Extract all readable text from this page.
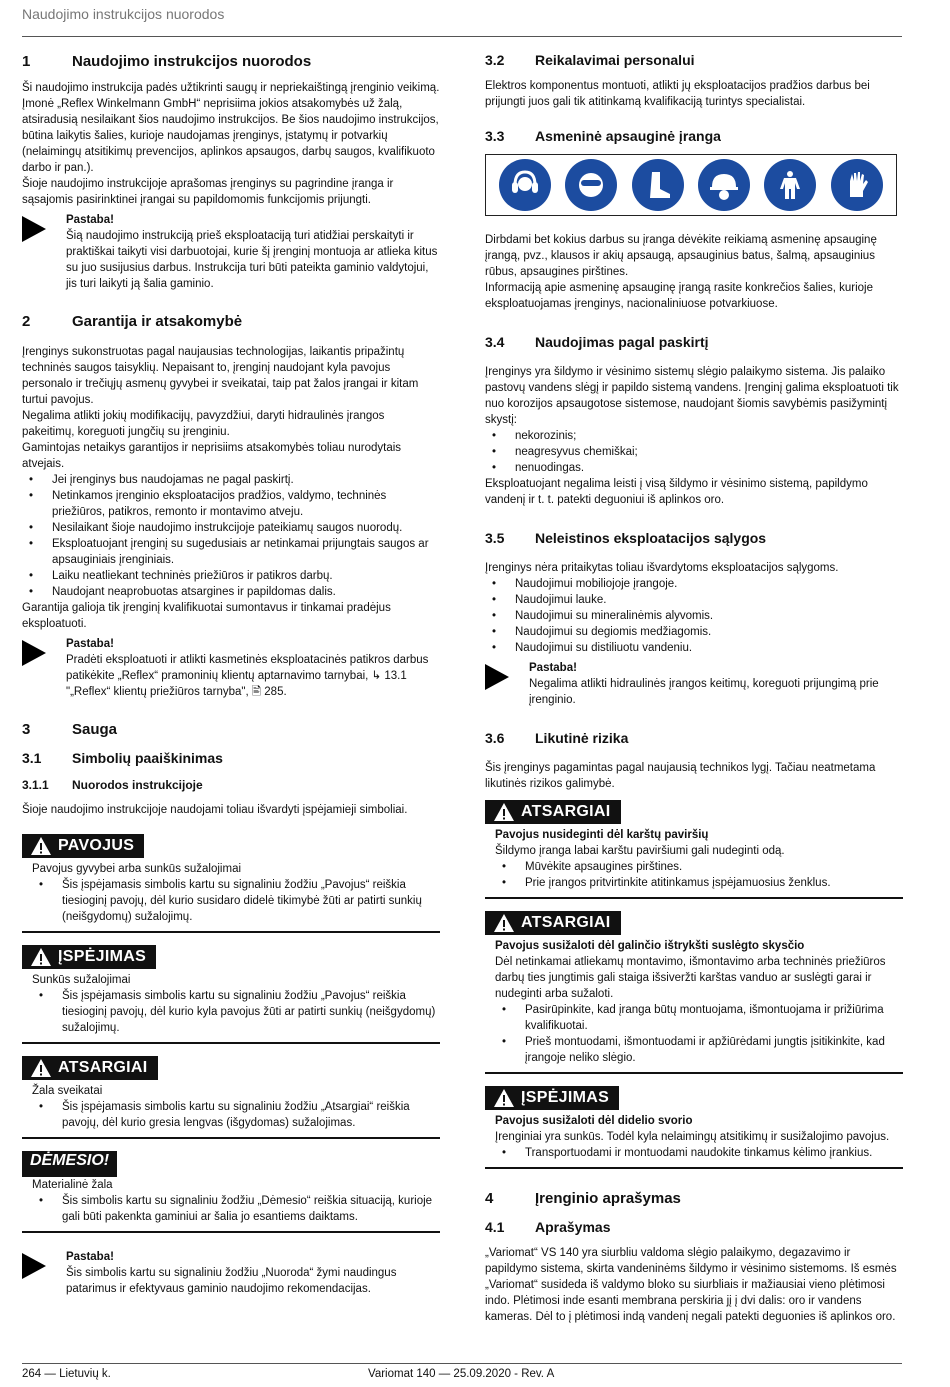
Naudojimo instrukcijos nuorodos
1	Naudojimo instrukcijos nuorodos

Ši naudojimo instrukcija padės užtikrinti saugų ir nepriekaištingą įrenginio veikimą.

Įmonė „Reflex Winkelmann GmbH“ neprisiima jokios atsakomybės už žalą, atsiradusią nesilaikant šios naudojimo instrukcijos. Be šios naudojimo instrukcijos, būtina laikytis šalies, kurioje naudojamas įrenginys, įstatymų ir potvarkių (nelaimingų atsitikimų prevencijos, aplinkos apsaugos, darbų saugos, kvalifikuoto darbo ir pan.).

Šioje naudojimo instrukcijoje aprašomas įrenginys su pagrindine įranga ir sąsajomis pasirinktinei įrangai su papildomomis funkcijomis prijungti.

Pastaba!

Šią naudojimo instrukciją prieš eksploataciją turi atidžiai perskaityti ir praktiškai taikyti visi darbuotojai, kurie šį įrenginį montuoja ar atlieka kitus su juo susijusius darbus. Instrukcija turi būti pateikta gaminio valdytojui, jis turi laikyti ją šalia gaminio.

2	Garantija ir atsakomybė

Įrenginys sukonstruotas pagal naujausias technologijas, laikantis pripažintų techninės saugos taisyklių. Nepaisant to, įrenginį naudojant kyla pavojus personalo ir trečiųjų asmenų gyvybei ir sveikatai, taip pat žalos įrangai ir kitam turtui pavojus.

Negalima atlikti jokių modifikacijų, pavyzdžiui, daryti hidraulinės įrangos pakeitimų, koreguoti jungčių su įrenginiu.

Gamintojas netaikys garantijos ir neprisiims atsakomybės toliau nurodytais atvejais.

• Jei įrenginys bus naudojamas ne pagal paskirtį.
• Netinkamos įrenginio eksploatacijos pradžios, valdymo, techninės priežiūros, patikros, remonto ir montavimo atveju.
• Nesilaikant šioje naudojimo instrukcijoje pateikiamų saugos nuorodų.
• Eksploatuojant įrenginį su sugedusiais ar netinkamai prijungtais saugos ar apsauginiais įrenginiais.
• Laiku neatliekant techninės priežiūros ir patikros darbų.
• Naudojant neaprobuotas atsargines ir papildomas dalis.

Garantija galioja tik įrenginį kvalifikuotai sumontavus ir tinkamai pradėjus eksploatuoti.

Pastaba!

Pradėti eksploatuoti ir atlikti kasmetinės eksploatacinės patikros darbus patikėkite „Reflex“ pramoninių klientų aptarnavimo tarnybai, ↳ 13.1 "„Reflex“ klientų priežiūros tarnyba", 🖹 285.

3	Sauga
3.1	Simbolių paaiškinimas
3.1.1	Nuorodos instrukcijoje

Šioje naudojimo instrukcijoje naudojami toliau išvardyti įspėjamieji simboliai.

PAVOJUS

Pavojus gyvybei arba sunkūs sužalojimai

• Šis įspėjamasis simbolis kartu su signaliniu žodžiu „Pavojus“ reiškia tiesioginį pavojų, dėl kurio susidaro didelė tikimybė žūti ar patirti sunkių (neišgydomų) sužalojimų.
ĮSPĖJIMAS

Sunkūs sužalojimai

• Šis įspėjamasis simbolis kartu su signaliniu žodžiu „Pavojus“ reiškia tiesioginį pavojų, dėl kurio kyla pavojus žūti ar patirti sunkių (neišgydomų) sužalojimų.
ATSARGIAI

Žala sveikatai

• Šis įspėjamasis simbolis kartu su signaliniu žodžiu „Atsargiai“ reiškia pavojų, dėl kurio gresia lengvas (išgydomas) sužalojimas.
DĖMESIO!

Materialinė žala

• Šis simbolis kartu su signaliniu žodžiu „Dėmesio“ reiškia situaciją, kurioje gali būti pakenkta gaminiui ar šalia jo esantiems daiktams.

Pastaba!

Šis simbolis kartu su signaliniu žodžiu „Nuoroda“ žymi naudingus patarimus ir efektyvaus gaminio naudojimo rekomendacijas.

3.2	Reikalavimai personalui

Elektros komponentus montuoti, atlikti jų eksploatacijos pradžios darbus bei prijungti juos gali tik atitinkamą kvalifikaciją turintys specialistai.

3.3	Asmeninė apsauginė įranga

Dirbdami bet kokius darbus su įranga dėvėkite reikiamą asmeninę apsauginę įrangą, pvz., klausos ir akių apsaugą, apsauginius batus, šalmą, apsauginius rūbus, apsaugines pirštines.

Informaciją apie asmeninę apsauginę įrangą rasite konkrečios šalies, kurioje eksploatuojamas įrenginys, nacionaliniuose potvarkiuose.

3.4	Naudojimas pagal paskirtį

Įrenginys yra šildymo ir vėsinimo sistemų slėgio palaikymo sistema. Jis palaiko pastovų vandens slėgį ir papildo sistemą vandens. Įrenginį galima eksploatuoti tik nuo korozijos apsaugotose sistemose, naudojant šiomis savybėmis pasižymintį skystį:

• nekorozinis;
• neagresyvus chemiškai;
• nenuodingas.

Eksploatuojant negalima leisti į visą šildymo ir vėsinimo sistemą, papildymo vandenį ir t. t. patekti deguoniui iš aplinkos oro.

3.5	Neleistinos eksploatacijos sąlygos

Įrenginys nėra pritaikytas toliau išvardytoms eksploatacijos sąlygoms.

• Naudojimui mobiliojoje įrangoje.
• Naudojimui lauke.
• Naudojimui su mineralinėmis alyvomis.
• Naudojimui su degiomis medžiagomis.
• Naudojimui su distiliuotu vandeniu.

Pastaba!

Negalima atlikti hidraulinės įrangos keitimų, koreguoti prijungimą prie įrenginio.

3.6	Likutinė rizika

Šis įrenginys pagamintas pagal naujausią technikos lygį. Tačiau neatmetama likutinės rizikos galimybė.

ATSARGIAI

Pavojus nusideginti dėl karštų paviršių

Šildymo įranga labai karštu paviršiumi gali nudeginti odą.

• Mūvėkite apsaugines pirštines.
• Prie įrangos pritvirtinkite atitinkamus įspėjamuosius ženklus.
ATSARGIAI

Pavojus susižaloti dėl galinčio ištrykšti suslėgto skysčio

Dėl netinkamai atliekamų montavimo, išmontavimo arba techninės priežiūros darbų ties jungtimis gali staiga išsiveržti karštas vanduo ar suslėgti garai ir nudeginti arba sužaloti.

• Pasirūpinkite, kad įranga būtų montuojama, išmontuojama ir prižiūrima kvalifikuotai.
• Prieš montuodami, išmontuodami ir apžiūrėdami jungtis įsitikinkite, kad įrangoje neliko slėgio.
ĮSPĖJIMAS

Pavojus susižaloti dėl didelio svorio

Įrenginiai yra sunkūs. Todėl kyla nelaimingų atsitikimų ir susižalojimo pavojus.

• Transportuodami ir montuodami naudokite tinkamus kėlimo įrankius.
4	Įrenginio aprašymas
4.1	Aprašymas

„Variomat“ VS 140 yra siurbliu valdoma slėgio palaikymo, degazavimo ir papildymo sistema, skirta vandeninėms šildymo ir vėsinimo sistemoms. Iš esmės „Variomat“ susideda iš valdymo bloko su siurbliais ir mažiausiai vieno plėtimosi indo. Plėtimosi inde esanti membrana perskiria jį į dvi dalis: oro ir vandens kameras. Dėl to į plėtimosi indą vandenį negali patekti deguonies iš aplinkos oro.

264 — Lietuvių k.	Variomat 140 — 25.09.2020 - Rev. A
